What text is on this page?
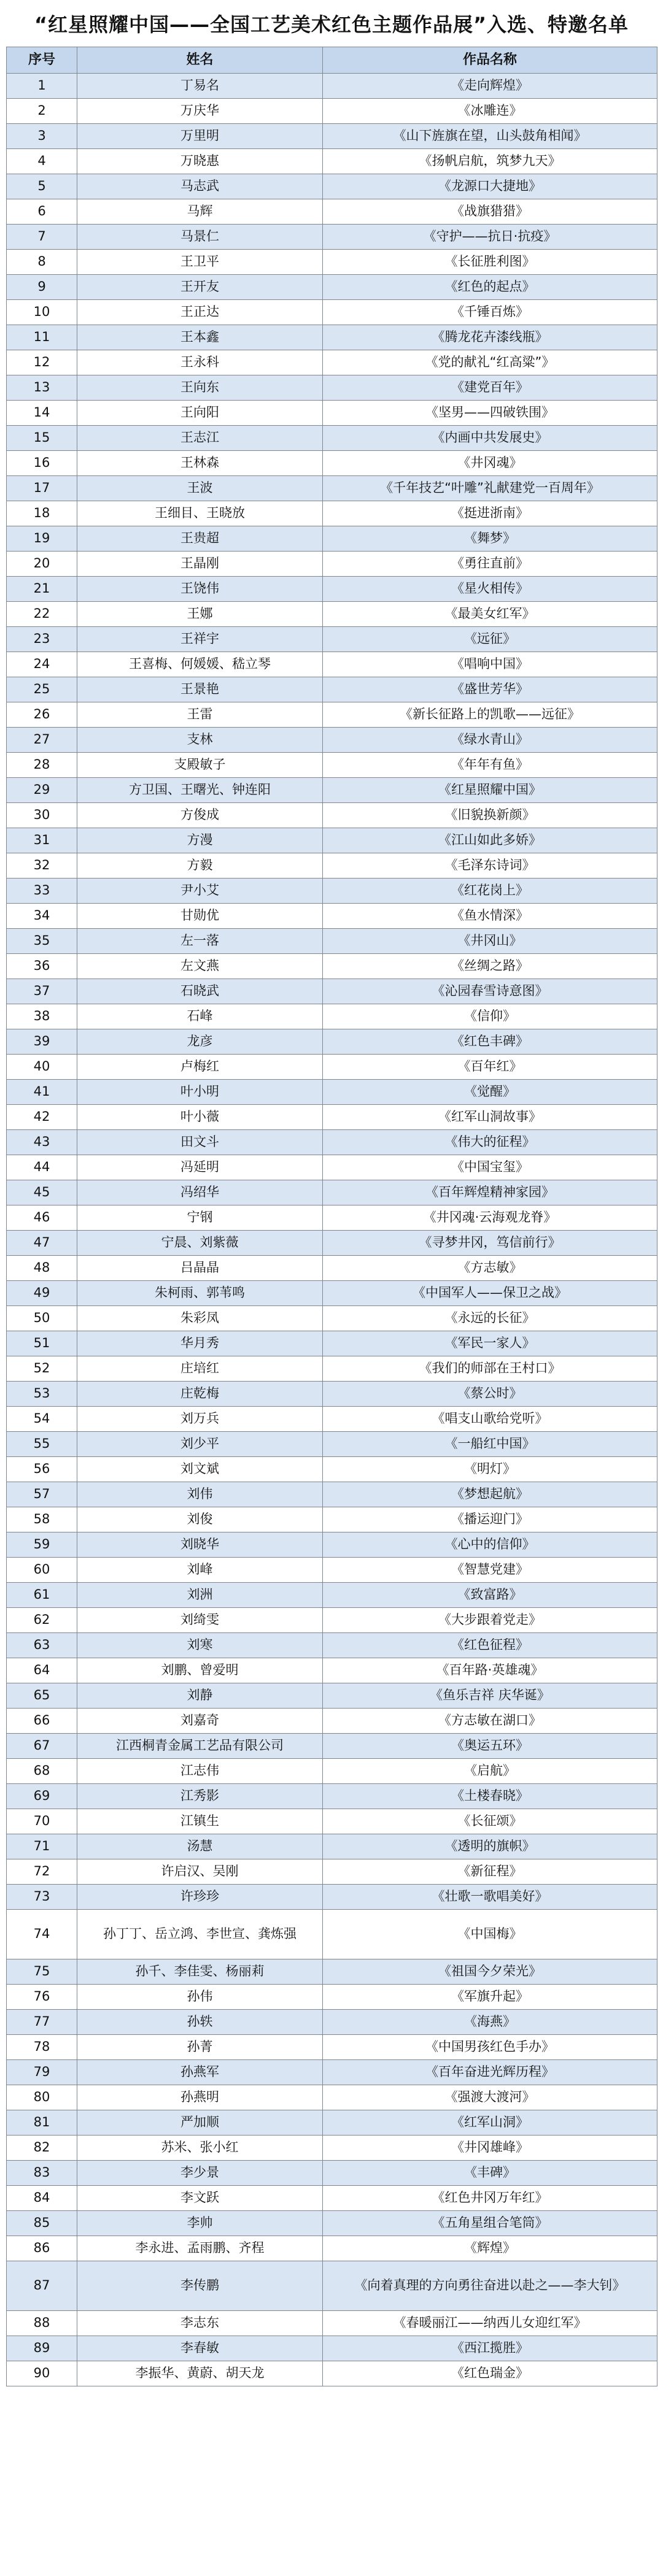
“红星照耀中国——全国工艺美术红色主题作品展”入选、特邀名单
序号	姓名	作品名称
1	丁易名	《走向辉煌》
2	万庆华	《冰雕连》
3	万里明	《山下旌旗在望，山头鼓角相闻》
4	万晓惠	《扬帆启航，筑梦九天》
5	马志武	《龙源口大捷地》
6	马辉	《战旗猎猎》
7	马景仁	《守护——抗日·抗疫》
8	王卫平	《长征胜利图》
9	王开友	《红色的起点》
10	王正达	《千锤百炼》
11	王本鑫	《腾龙花卉漆线瓶》
12	王永科	《党的献礼“红高粱”》
13	王向东	《建党百年》
14	王向阳	《坚男——四破铁围》
15	王志江	《内画中共发展史》
16	王林森	《井冈魂》
17	王波	《千年技艺“叶雕”礼献建党一百周年》
18	王细目、王晓放	《挺进浙南》
19	王贵超	《舞梦》
20	王晶刚	《勇往直前》
21	王饶伟	《星火相传》
22	王娜	《最美女红军》
23	王祥宇	《远征》
24	王喜梅、何媛媛、嵇立琴	《唱响中国》
25	王景艳	《盛世芳华》
26	王雷	《新长征路上的凯歌——远征》
27	支林	《绿水青山》
28	支殿敏子	《年年有鱼》
29	方卫国、王曙光、钟连阳	《红星照耀中国》
30	方俊成	《旧貌换新颜》
31	方漫	《江山如此多娇》
32	方毅	《毛泽东诗词》
33	尹小艾	《红花岗上》
34	甘勋优	《鱼水情深》
35	左一落	《井冈山》
36	左文燕	《丝绸之路》
37	石晓武	《沁园春雪诗意图》
38	石峰	《信仰》
39	龙彦	《红色丰碑》
40	卢梅红	《百年红》
41	叶小明	《觉醒》
42	叶小薇	《红军山洞故事》
43	田文斗	《伟大的征程》
44	冯延明	《中国宝玺》
45	冯绍华	《百年辉煌精神家园》
46	宁钢	《井冈魂·云海观龙脊》
47	宁晨、刘紫薇	《寻梦井冈，笃信前行》
48	吕晶晶	《方志敏》
49	朱柯雨、郭苇鸣	《中国军人——保卫之战》
50	朱彩凤	《永远的长征》
51	华月秀	《军民一家人》
52	庄培红	《我们的师部在王村口》
53	庄乾梅	《蔡公时》
54	刘万兵	《唱支山歌给党听》
55	刘少平	《一船红中国》
56	刘文斌	《明灯》
57	刘伟	《梦想起航》
58	刘俊	《播运迎门》
59	刘晓华	《心中的信仰》
60	刘峰	《智慧党建》
61	刘洲	《致富路》
62	刘绮雯	《大步跟着党走》
63	刘寒	《红色征程》
64	刘鹏、曾爱明	《百年路·英雄魂》
65	刘静	《鱼乐吉祥 庆华诞》
66	刘嘉奇	《方志敏在湖口》
67	江西桐青金属工艺品有限公司	《奥运五环》
68	江志伟	《启航》
69	江秀影	《土楼春晓》
70	江镇生	《长征颂》
71	汤慧	《透明的旗帜》
72	许启汉、吴刚	《新征程》
73	许珍珍	《壮歌一歌唱美好》
74	孙丁丁、岳立鸿、李世宣、龚炼强	《中国梅》
75	孙千、李佳雯、杨丽莉	《祖国今夕荣光》
76	孙伟	《军旗升起》
77	孙轶	《海燕》
78	孙菁	《中国男孩红色手办》
79	孙燕军	《百年奋进光辉历程》
80	孙燕明	《强渡大渡河》
81	严加顺	《红军山洞》
82	苏米、张小红	《井冈雄峰》
83	李少景	《丰碑》
84	李文跃	《红色井冈万年红》
85	李帅	《五角星组合笔筒》
86	李永进、孟雨鹏、齐程	《辉煌》
87	李传鹏	《向着真理的方向勇往奋进以赴之——李大钊》
88	李志东	《春暖丽江——纳西儿女迎红军》
89	李春敏	《西江揽胜》
90	李振华、黄蔚、胡天龙	《红色瑞金》
